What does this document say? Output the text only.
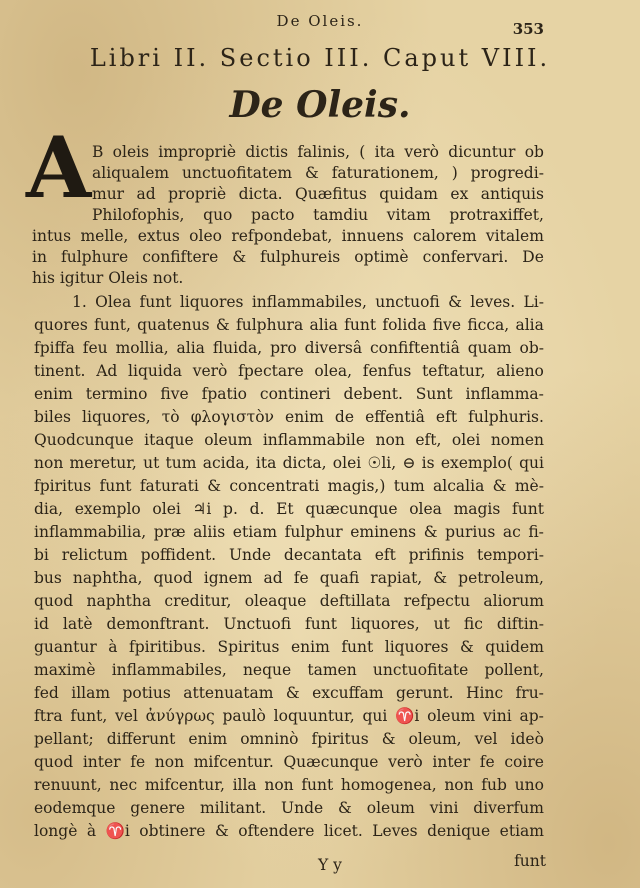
De Oleis.	353
Libri II. Sectio III. Caput VIII.
De Oleis.
A B oleis impropriè dictis falinis, ( ita verò dicuntur ob
aliqualem unctuofitatem & faturationem, ) progredi-
mur ad propriè dicta. Quæfitus quidam ex antiquis
Philofophis, quo pacto tamdiu vitam protraxiffet,
intus melle, extus oleo refpondebat, innuens calorem vitalem
in fulphure confiftere & fulphureis optimè confervari. De
his igitur Oleis not.
1. Olea funt liquores inflammabiles, unctuofi & leves. Li-
quores funt, quatenus & fulphura alia funt folida five ficca, alia
fpiffa feu mollia, alia fluida, pro diversâ confiftentiâ quam ob-
tinent. Ad liquida verò fpectare olea, fenfus teftatur, alieno
enim termino five fpatio contineri debent. Sunt inflamma-
biles liquores, τὸ φλογιστὸν enim de effentiâ eft fulphuris.
Quodcunque itaque oleum inflammabile non eft, olei nomen
non meretur, ut tum acida, ita dicta, olei ☉li, ⊖ is exemplo( qui
fpiritus funt faturati & concentrati magis,) tum alcalia & mè-
dia, exemplo olei ♃i p. d. Et quæcunque olea magis funt
inflammabilia, præ aliis etiam fulphur eminens & purius ac fi-
bi relictum poffident. Unde decantata eft prifinis tempori-
bus naphtha, quod ignem ad fe quafi rapiat, & petroleum,
quod naphtha creditur, oleaque deftillata refpectu aliorum
id latè demonftrant. Unctuofi funt liquores, ut fic diftin-
guantur à fpiritibus. Spiritus enim funt liquores & quidem
maximè inflammabiles, neque tamen unctuofitate pollent,
fed illam potius attenuatam & excuffam gerunt. Hinc fru-
ftra funt, vel ἀνύγρως paulò loquuntur, qui ♈i oleum vini ap-
pellant; differunt enim omninò fpiritus & oleum, vel ideò
quod inter fe non mifcentur. Quæcunque verò inter fe coire
renuunt, nec mifcentur, illa non funt homogenea, non fub uno
eodemque genere militant. Unde & oleum vini diverfum
longè à ♈i obtinere & oftendere licet. Leves denique etiam
Y y	funt
